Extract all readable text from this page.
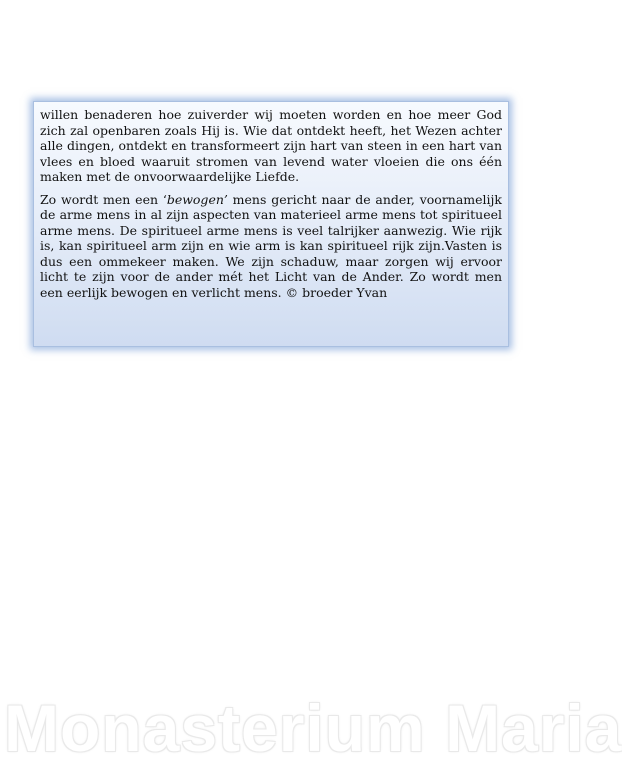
willen benaderen hoe zuiverder wij moeten worden en hoe meer God zich zal openbaren zoals Hij is. Wie dat ontdekt heeft, het Wezen achter alle dingen, ontdekt en transformeert zijn hart van steen in een hart van vlees en bloed waaruit stromen van levend water vloeien die ons één maken met de onvoorwaardelijke Liefde.

Zo wordt men een ‘bewogen’ mens gericht naar de ander, voornamelijk de arme mens in al zijn aspecten van materieel arme mens tot spiritueel arme mens. De spiritueel arme mens is veel talrijker aanwezig. Wie rijk is, kan spiritueel arm zijn en wie arm is kan spiritueel rijk zijn.Vasten is dus een ommekeer maken. We zijn schaduw, maar zorgen wij ervoor licht te zijn voor de ander mét het Licht van de Ander. Zo wordt men een eerlijk bewogen en verlicht mens. © broeder Yvan

Monasterium Maria
